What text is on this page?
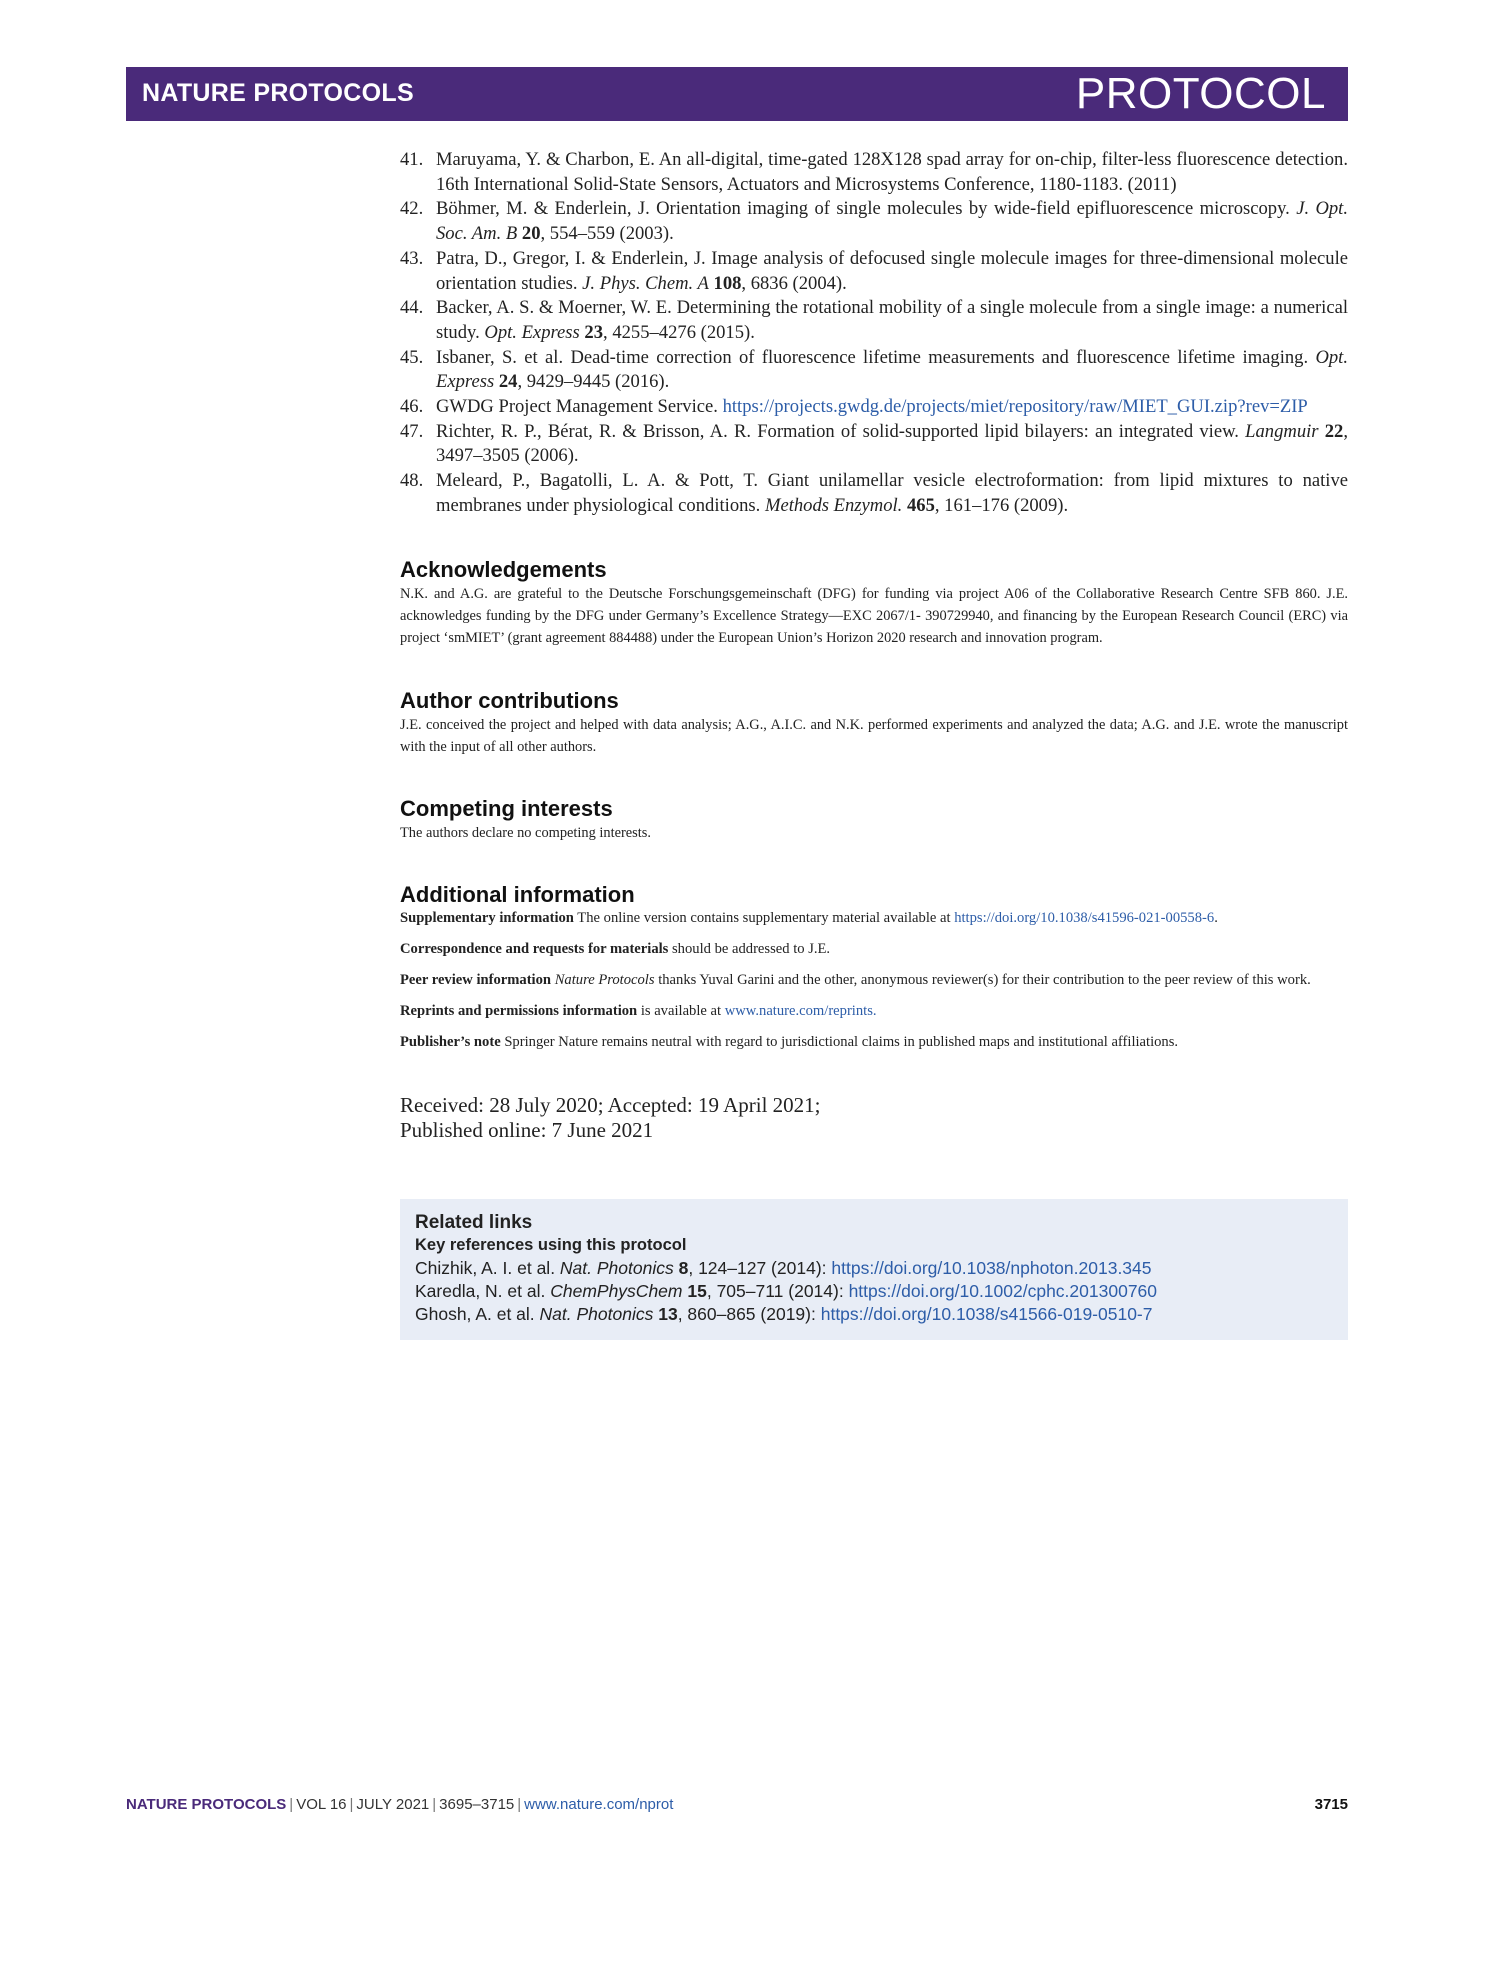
NATURE PROTOCOLS	PROTOCOL
41. Maruyama, Y. & Charbon, E. An all-digital, time-gated 128X128 spad array for on-chip, filter-less fluorescence detection. 16th International Solid-State Sensors, Actuators and Microsystems Conference, 1180-1183. (2011)
42. Böhmer, M. & Enderlein, J. Orientation imaging of single molecules by wide-field epifluorescence microscopy. J. Opt. Soc. Am. B 20, 554–559 (2003).
43. Patra, D., Gregor, I. & Enderlein, J. Image analysis of defocused single molecule images for three-dimensional molecule orientation studies. J. Phys. Chem. A 108, 6836 (2004).
44. Backer, A. S. & Moerner, W. E. Determining the rotational mobility of a single molecule from a single image: a numerical study. Opt. Express 23, 4255–4276 (2015).
45. Isbaner, S. et al. Dead-time correction of fluorescence lifetime measurements and fluorescence lifetime imaging. Opt. Express 24, 9429–9445 (2016).
46. GWDG Project Management Service. https://projects.gwdg.de/projects/miet/repository/raw/MIET_GUI.zip?rev=ZIP
47. Richter, R. P., Bérat, R. & Brisson, A. R. Formation of solid-supported lipid bilayers: an integrated view. Langmuir 22, 3497–3505 (2006).
48. Meleard, P., Bagatolli, L. A. & Pott, T. Giant unilamellar vesicle electroformation: from lipid mixtures to native membranes under physiological conditions. Methods Enzymol. 465, 161–176 (2009).
Acknowledgements

N.K. and A.G. are grateful to the Deutsche Forschungsgemeinschaft (DFG) for funding via project A06 of the Collaborative Research Centre SFB 860. J.E. acknowledges funding by the DFG under Germany’s Excellence Strategy—EXC 2067/1- 390729940, and financing by the European Research Council (ERC) via project ‘smMIET’ (grant agreement 884488) under the European Union’s Horizon 2020 research and innovation program.

Author contributions

J.E. conceived the project and helped with data analysis; A.G., A.I.C. and N.K. performed experiments and analyzed the data; A.G. and J.E. wrote the manuscript with the input of all other authors.

Competing interests

The authors declare no competing interests.

Additional information

Supplementary information The online version contains supplementary material available at https://doi.org/10.1038/s41596-021-00558-6.

Correspondence and requests for materials should be addressed to J.E.

Peer review information Nature Protocols thanks Yuval Garini and the other, anonymous reviewer(s) for their contribution to the peer review of this work.

Reprints and permissions information is available at www.nature.com/reprints.

Publisher’s note Springer Nature remains neutral with regard to jurisdictional claims in published maps and institutional affiliations.

Received: 28 July 2020; Accepted: 19 April 2021;
Published online: 7 June 2021
Related links
Key references using this protocol
Chizhik, A. I. et al. Nat. Photonics 8, 124–127 (2014): https://doi.org/10.1038/nphoton.2013.345
Karedla, N. et al. ChemPhysChem 15, 705–711 (2014): https://doi.org/10.1002/cphc.201300760
Ghosh, A. et al. Nat. Photonics 13, 860–865 (2019): https://doi.org/10.1038/s41566-019-0510-7
NATURE PROTOCOLS | VOL 16 | JULY 2021 | 3695–3715 | www.nature.com/nprot	3715
